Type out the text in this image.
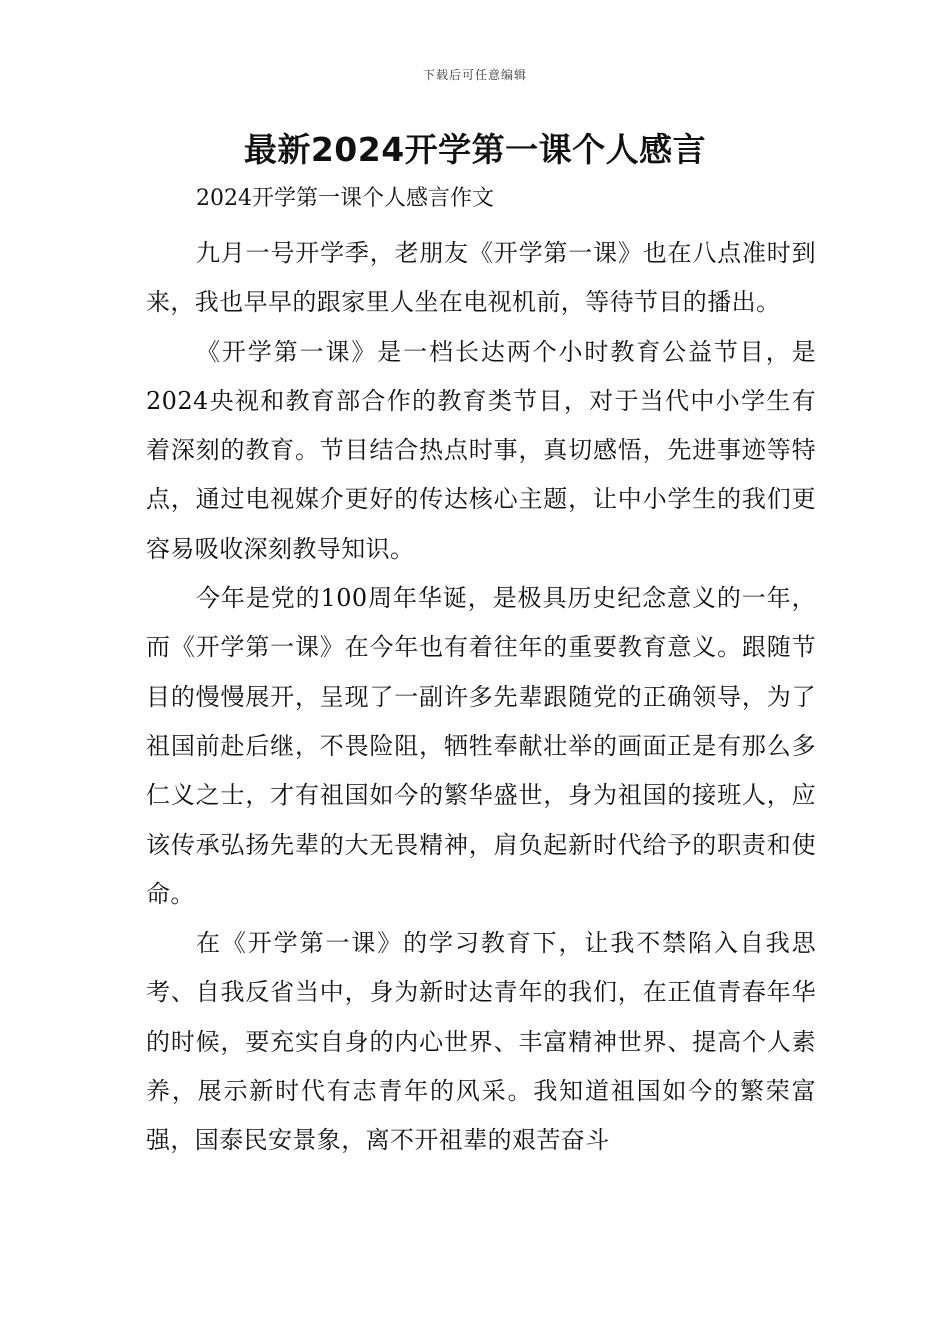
下载后可任意编辑
最新2024开学第一课个人感言

2024开学第一课个人感言作文

九月一号开学季，老朋友《开学第一课》也在八点准时到来，我也早早的跟家里人坐在电视机前，等待节目的播出。

《开学第一课》是一档长达两个小时教育公益节目，是2024央视和教育部合作的教育类节目，对于当代中小学生有着深刻的教育。节目结合热点时事，真切感悟，先进事迹等特点，通过电视媒介更好的传达核心主题，让中小学生的我们更容易吸收深刻教导知识。

今年是党的100周年华诞，是极具历史纪念意义的一年，而《开学第一课》在今年也有着往年的重要教育意义。跟随节目的慢慢展开，呈现了一副许多先辈跟随党的正确领导，为了祖国前赴后继，不畏险阻，牺牲奉献壮举的画面正是有那么多仁义之士，才有祖国如今的繁华盛世，身为祖国的接班人，应该传承弘扬先辈的大无畏精神，肩负起新时代给予的职责和使命。

在《开学第一课》的学习教育下，让我不禁陷入自我思考、自我反省当中，身为新时达青年的我们，在正值青春年华的时候，要充实自身的内心世界、丰富精神世界、提高个人素养，展示新时代有志青年的风采。我知道祖国如今的繁荣富强，国泰民安景象，离不开祖辈的艰苦奋斗
